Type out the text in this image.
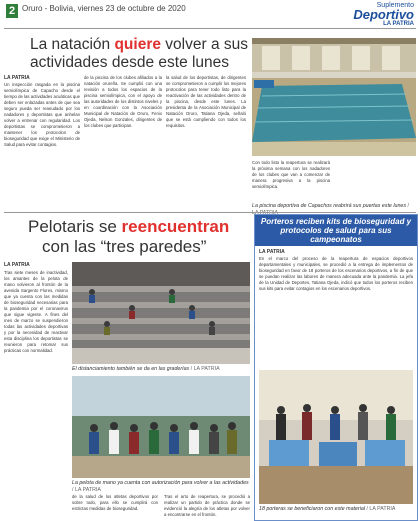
2 Oruro - Bolivia, viernes 23 de octubre de 2020	Suplemento
Deportivo
LA PATRIA
La natación quiere volver a sus
actividades desde este lunes
LA PATRIA
Un inspección rasgada en la piscina semiolímpica de Capacho desde el tiempo de las actividades acuáticas que deben ser enlazadas antes de que sea seguro pueda ser reanudado por los nadadores y deportistas que anhelan volver a entrenar con regularidad. Los deportistas se comprometieron a mantener los protocolos de bioseguridad que exige el Ministerio de Salud para evitar contagios.
de la piscina de los clubes afiliados a la natación orureña. Se cumplió con una revisión a todos los espacios de la piscina semiolímpica, con el apoyo de las autoridades de los distintos niveles y en coordinación con la Asociación Municipal de Natación de Oruro, Fenix Ojeda, Nelson Gonzales, dirigentes de los clubes que participan.
la salud de los deportistas, de dirigentes se comprometieron a cumplir los mejores protocolos para tener todo listo para la reactivación de las actividades dentro de la piscina, desde este lunes. La presidenta de la Asociación Municipal de Natación Oruro, Tatiana Ojeda, señaló que se está cumpliendo con todos los requisitos.
Con todo listo la reapertura se realizará la próxima semana con los nadadores de los clubes que van a comenzar de manera progresiva a la piscina semiolímpica.
La piscina deportiva de Capachos reabrirá sus puertas este lunes /
Pelotaris se reencuentran
con las “tres paredes”
LA PATRIA
Tras siete meses de inactividad, los amantes de la pelota de mano volvieron al frontón de la avenida Sargento Flores, mismo que ya cuenta con las medidas de bioseguridad necesarias para la pandemia por el coronavirus que sigue vigente. A fines del mes de marzo se suspendieron todas las actividades deportivas y por la necesidad de reactivar esta disciplina los deportistas se reunieron para retomar sus prácticas con normalidad.
El distanciamiento también se da en las graderías / LA PATRIA
La pelota de mano ya cuenta con autorización para volver a las actividades / LA PATRIA
de la salud de los atletas deportivos por sobre todo, para ello se cumplirá con estrictas medidas de bioseguridad.
Tras el arto de reapertura, se procedió a realizar un partido de práctica donde se evidenció la alegría de los atletas por volver a encontrarse en el frontón.
Porteros reciben kits de bioseguridad y protocolos de salud para sus campeonatos
LA PATRIA
En el marco del proceso de la reapertura de espacios deportivos departamentales y municipales, se procedió a la entrega de implementos de bioseguridad en favor de 18 porteros de los escenarios deportivos, a fin de que se puedan realizar las labores de manera adecuada ante la pandemia. La jefa de la Unidad de Deportes, Tatiana Ojeda, indicó que todos los porteros reciben sus kits para evitar contagios en los escenarios deportivos.
18 porteras se beneficiaron con este material / LA PATRIA
